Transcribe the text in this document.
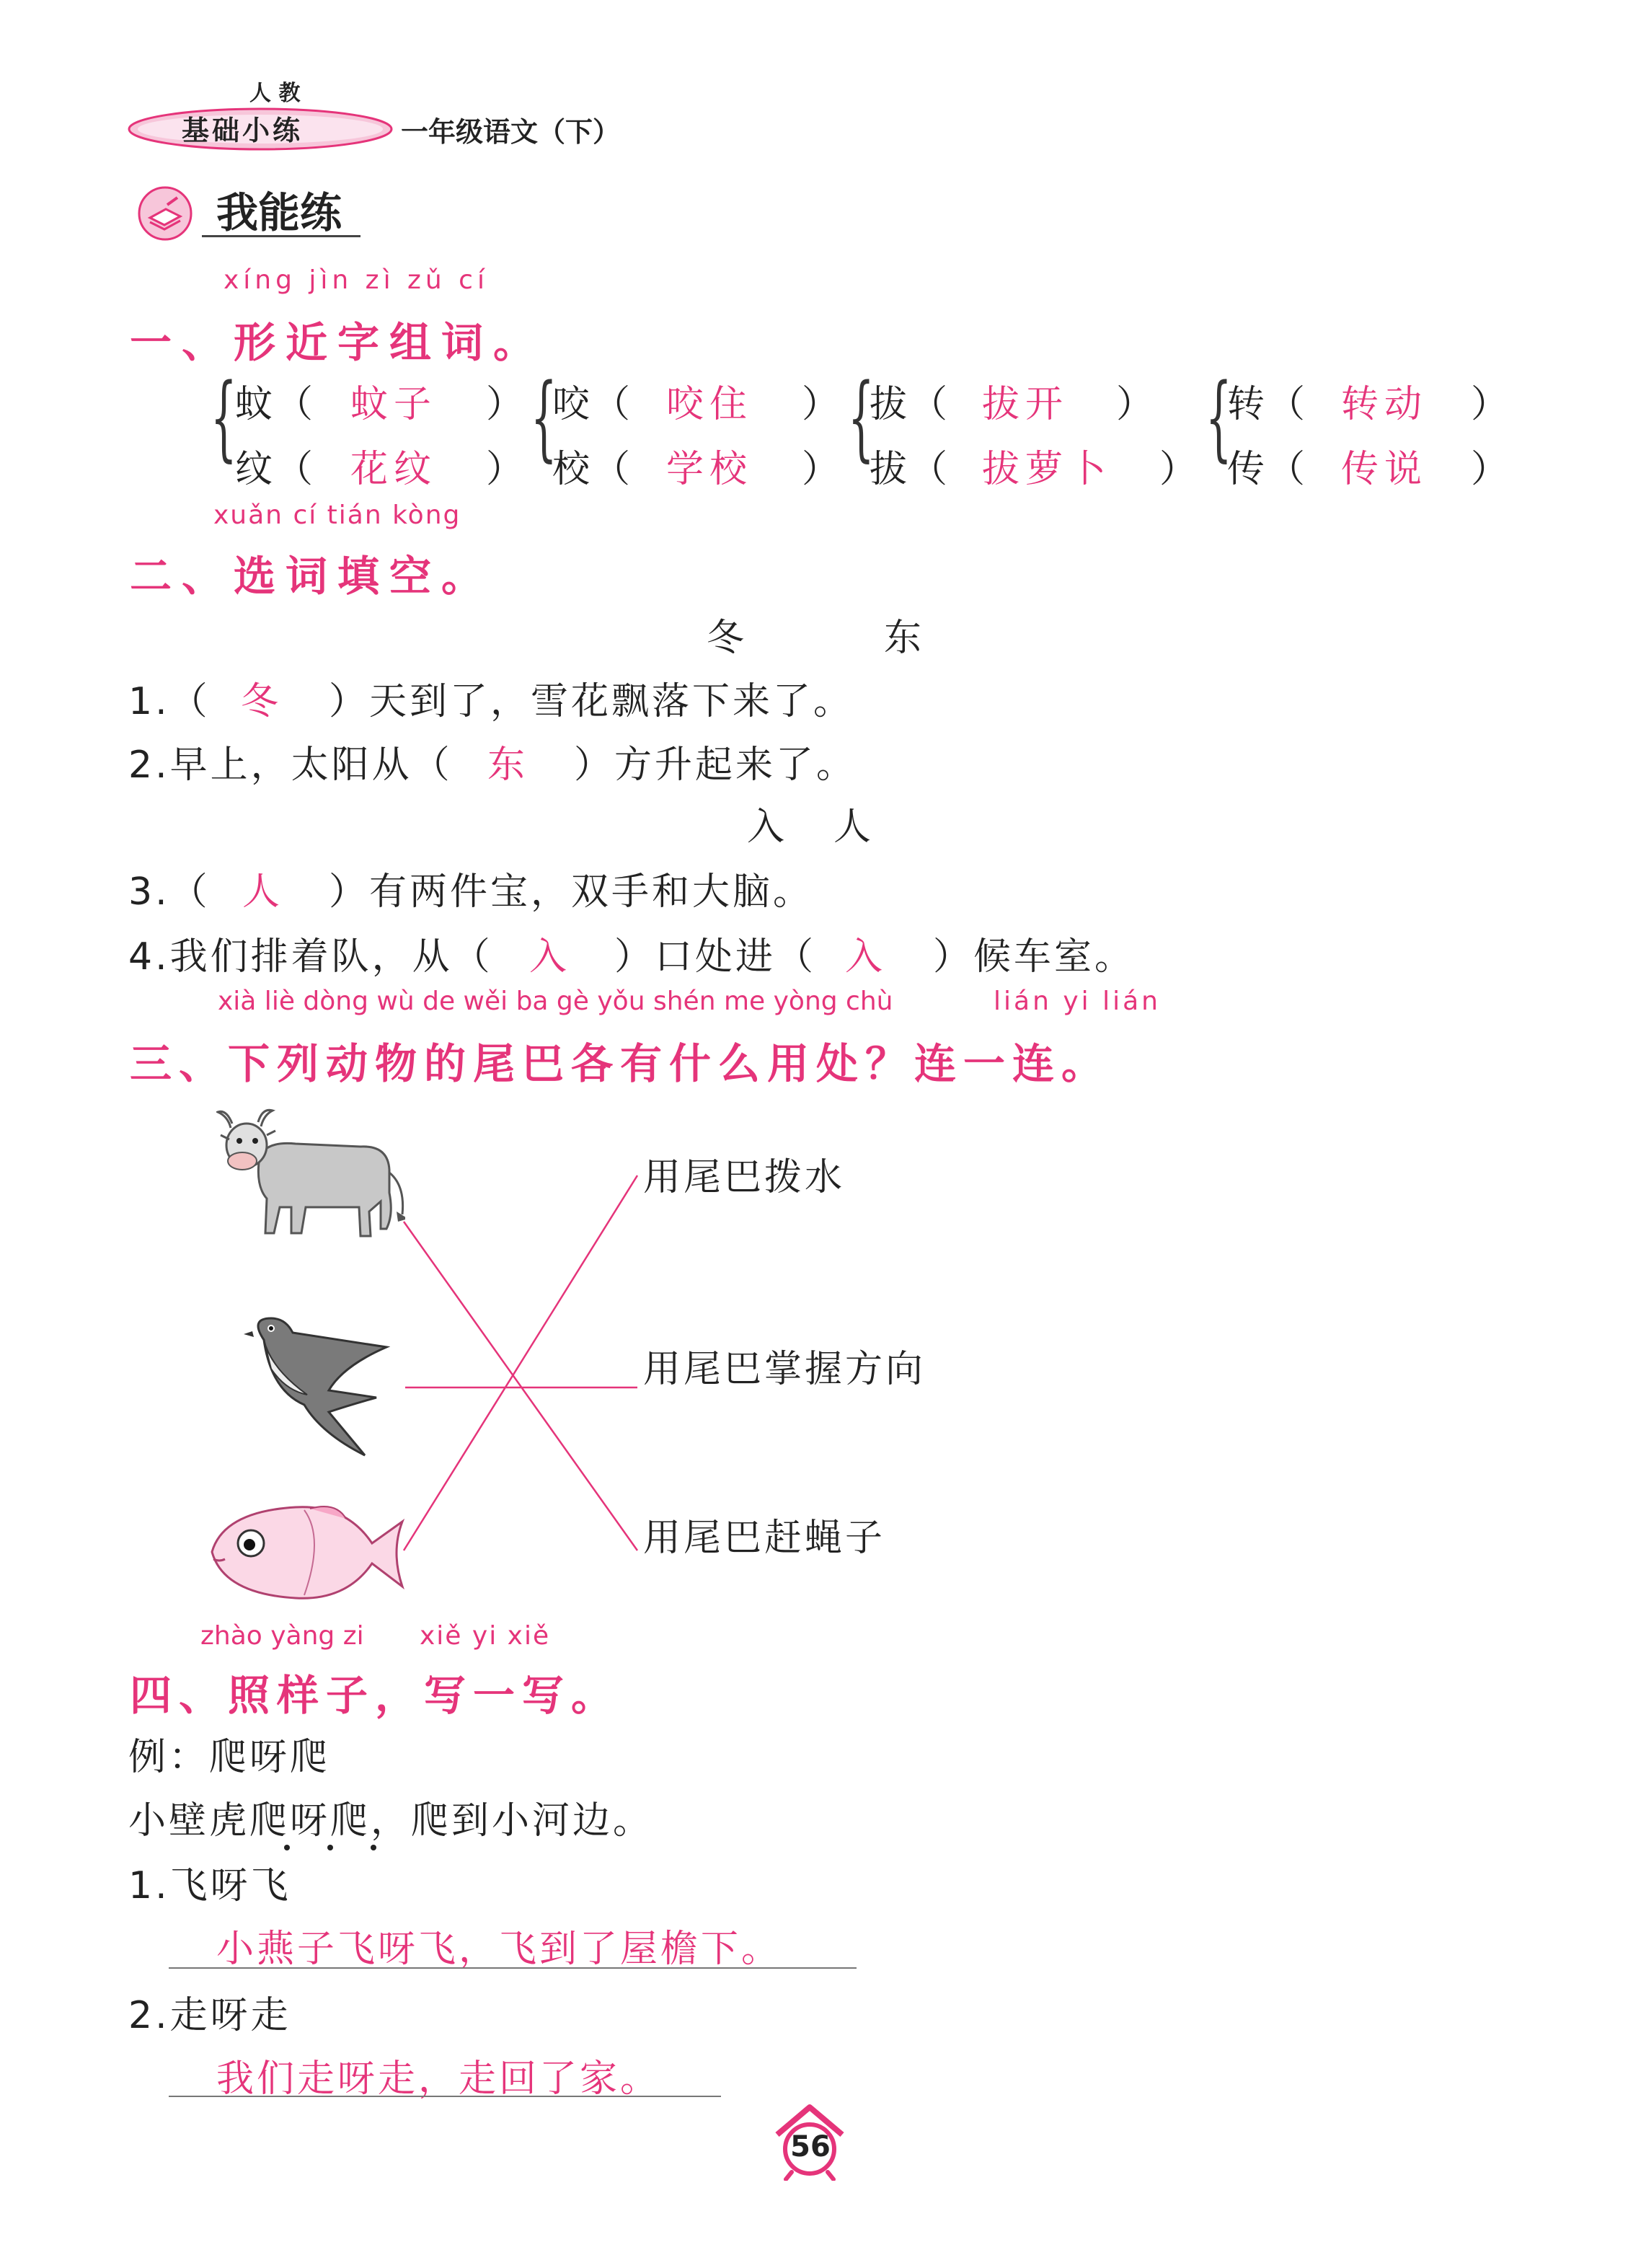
人 教
基础小练	一年级语文（下）
我能练
xíng jìn zì zǔ cí
一、形近字组词。
{
蚊（ 蚊子 ）
纹（ 花纹 ） {
咬（ 咬住 ）
校（ 学校 ） {
拔（ 拔开 ）
拔（ 拔萝卜 ） {
转（ 转动 ）
传（ 传说 ）
xuǎn cí tián kòng
二、选词填空。
冬	东
1.（ 冬 ）天到了，雪花飘落下来了。
2.早上，太阳从（ 东 ）方升起来了。
入 人
3.（ 人 ）有两件宝，双手和大脑。
4.我们排着队，从（ 入 ）口处进（ 入 ）候车室。
xià liè dòng wù de wěi ba gè yǒu shén me yòng chù	lián yi lián
三、下列动物的尾巴各有什么用处？连一连。
用尾巴拨水
用尾巴掌握方向
用尾巴赶蝇子
zhào yàng zi xiě yi xiě
四、照样子，写一写。
例：爬呀爬
小壁虎爬呀爬，爬到小河边。
1.飞呀飞
小燕子飞呀飞，飞到了屋檐下。
2.走呀走
我们走呀走，走回了家。
56
